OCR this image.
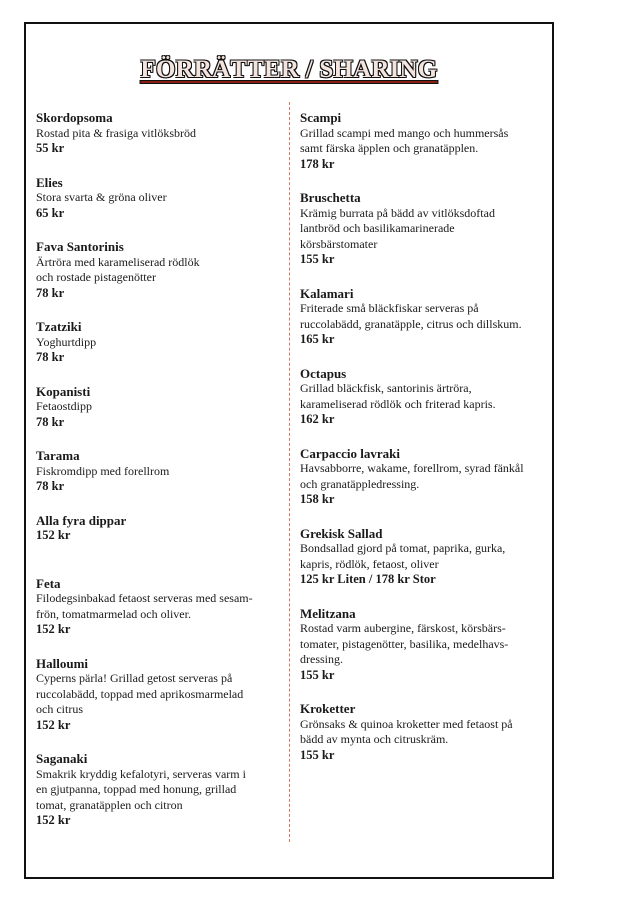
FÖRRÄTTER / SHARING
Skordopsoma
Rostad pita & frasiga vitlöksbröd
55 kr
Elies
Stora svarta & gröna oliver
65 kr
Fava Santorinis
Ärtröra med karameliserad rödlök
och rostade pistagenötter
78 kr
Tzatziki
Yoghurtdipp
78 kr
Kopanisti
Fetaostdipp
78 kr
Tarama
Fiskromdipp med forellrom
78 kr
Alla fyra dippar
152 kr
Feta
Filodegsinbakad fetaost serveras med sesam-
frön, tomatmarmelad och oliver.
152 kr
Halloumi
Cyperns pärla! Grillad getost serveras på
ruccolabädd, toppad med aprikosmarmelad
och citrus
152 kr
Saganaki
Smakrik kryddig kefalotyri, serveras varm i
en gjutpanna, toppad med honung, grillad
tomat, granatäpplen och citron
152 kr
Scampi
Grillad scampi med mango och hummersås
samt färska äpplen och granatäpplen.
178 kr
Bruschetta
Krämig burrata på bädd av vitlöksdoftad
lantbröd och basilikamarinerade
körsbärstomater
155 kr
Kalamari
Friterade små bläckfiskar serveras på
ruccolabädd, granatäpple, citrus och dillskum.
165 kr
Octapus
Grillad bläckfisk, santorinis ärtröra,
karameliserad rödlök och friterad kapris.
162 kr
Carpaccio lavraki
Havsabborre, wakame, forellrom, syrad fänkål
och granatäppledressing.
158 kr
Grekisk Sallad
Bondsallad gjord på tomat, paprika, gurka,
kapris, rödlök, fetaost, oliver
125 kr Liten / 178 kr Stor
Melitzana
Rostad varm aubergine, färskost, körsbärs-
tomater, pistagenötter, basilika, medelhavs-
dressing.
155 kr
Kroketter
Grönsaks & quinoa kroketter med fetaost på
bädd av mynta och citruskräm.
155 kr
